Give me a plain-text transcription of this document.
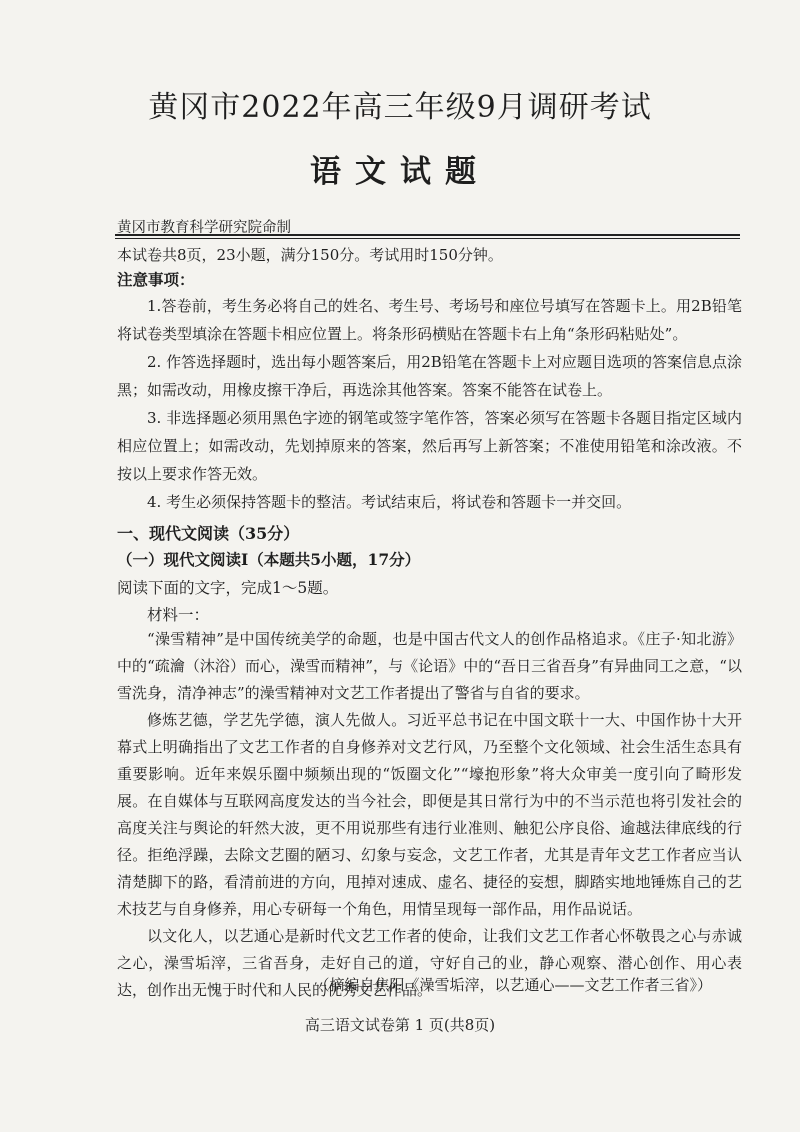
黄冈市2022年高三年级9月调研考试
语文试题
黄冈市教育科学研究院命制
本试卷共8页，23小题，满分150分。考试用时150分钟。
注意事项：

1.答卷前，考生务必将自己的姓名、考生号、考场号和座位号填写在答题卡上。用2B铅笔将试卷类型填涂在答题卡相应位置上。将条形码横贴在答题卡右上角“条形码粘贴处”。

2. 作答选择题时，选出每小题答案后，用2B铅笔在答题卡上对应题目选项的答案信息点涂黑；如需改动，用橡皮擦干净后，再选涂其他答案。答案不能答在试卷上。

3. 非选择题必须用黑色字迹的钢笔或签字笔作答，答案必须写在答题卡各题目指定区域内相应位置上；如需改动，先划掉原来的答案，然后再写上新答案；不准使用铅笔和涂改液。不按以上要求作答无效。

4. 考生必须保持答题卡的整洁。考试结束后，将试卷和答题卡一并交回。

一、现代文阅读（35分）
（一）现代文阅读Ⅰ（本题共5小题，17分）
阅读下面的文字，完成1～5题。
材料一：

“澡雪精神”是中国传统美学的命题，也是中国古代文人的创作品格追求。《庄子·知北游》中的“疏瀹（沐浴）而心，澡雪而精神”，与《论语》中的“吾日三省吾身”有异曲同工之意，“以雪洗身，清净神志”的澡雪精神对文艺工作者提出了警省与自省的要求。

修炼艺德，学艺先学德，演人先做人。习近平总书记在中国文联十一大、中国作协十大开幕式上明确指出了文艺工作者的自身修养对文艺行风，乃至整个文化领域、社会生活生态具有重要影响。近年来娱乐圈中频频出现的“饭圈文化”“壕抱形象”将大众审美一度引向了畸形发展。在自媒体与互联网高度发达的当今社会，即便是其日常行为中的不当示范也将引发社会的高度关注与舆论的轩然大波，更不用说那些有违行业准则、触犯公序良俗、逾越法律底线的行径。拒绝浮躁，去除文艺圈的陋习、幻象与妄念，文艺工作者，尤其是青年文艺工作者应当认清楚脚下的路，看清前进的方向，甩掉对速成、虚名、捷径的妄想，脚踏实地地锤炼自己的艺术技艺与自身修养，用心专研每一个角色，用情呈现每一部作品，用作品说话。

以文化人，以艺通心是新时代文艺工作者的使命，让我们文艺工作者心怀敬畏之心与赤诚之心，澡雪垢滓，三省吾身，走好自己的道，守好自己的业，静心观察、潜心创作、用心表达，创作出无愧于时代和人民的优秀文艺作品。

（摘编自焦阳《澡雪垢滓，以艺通心——文艺工作者三省》）
高三语文试卷第 1 页(共8页)
